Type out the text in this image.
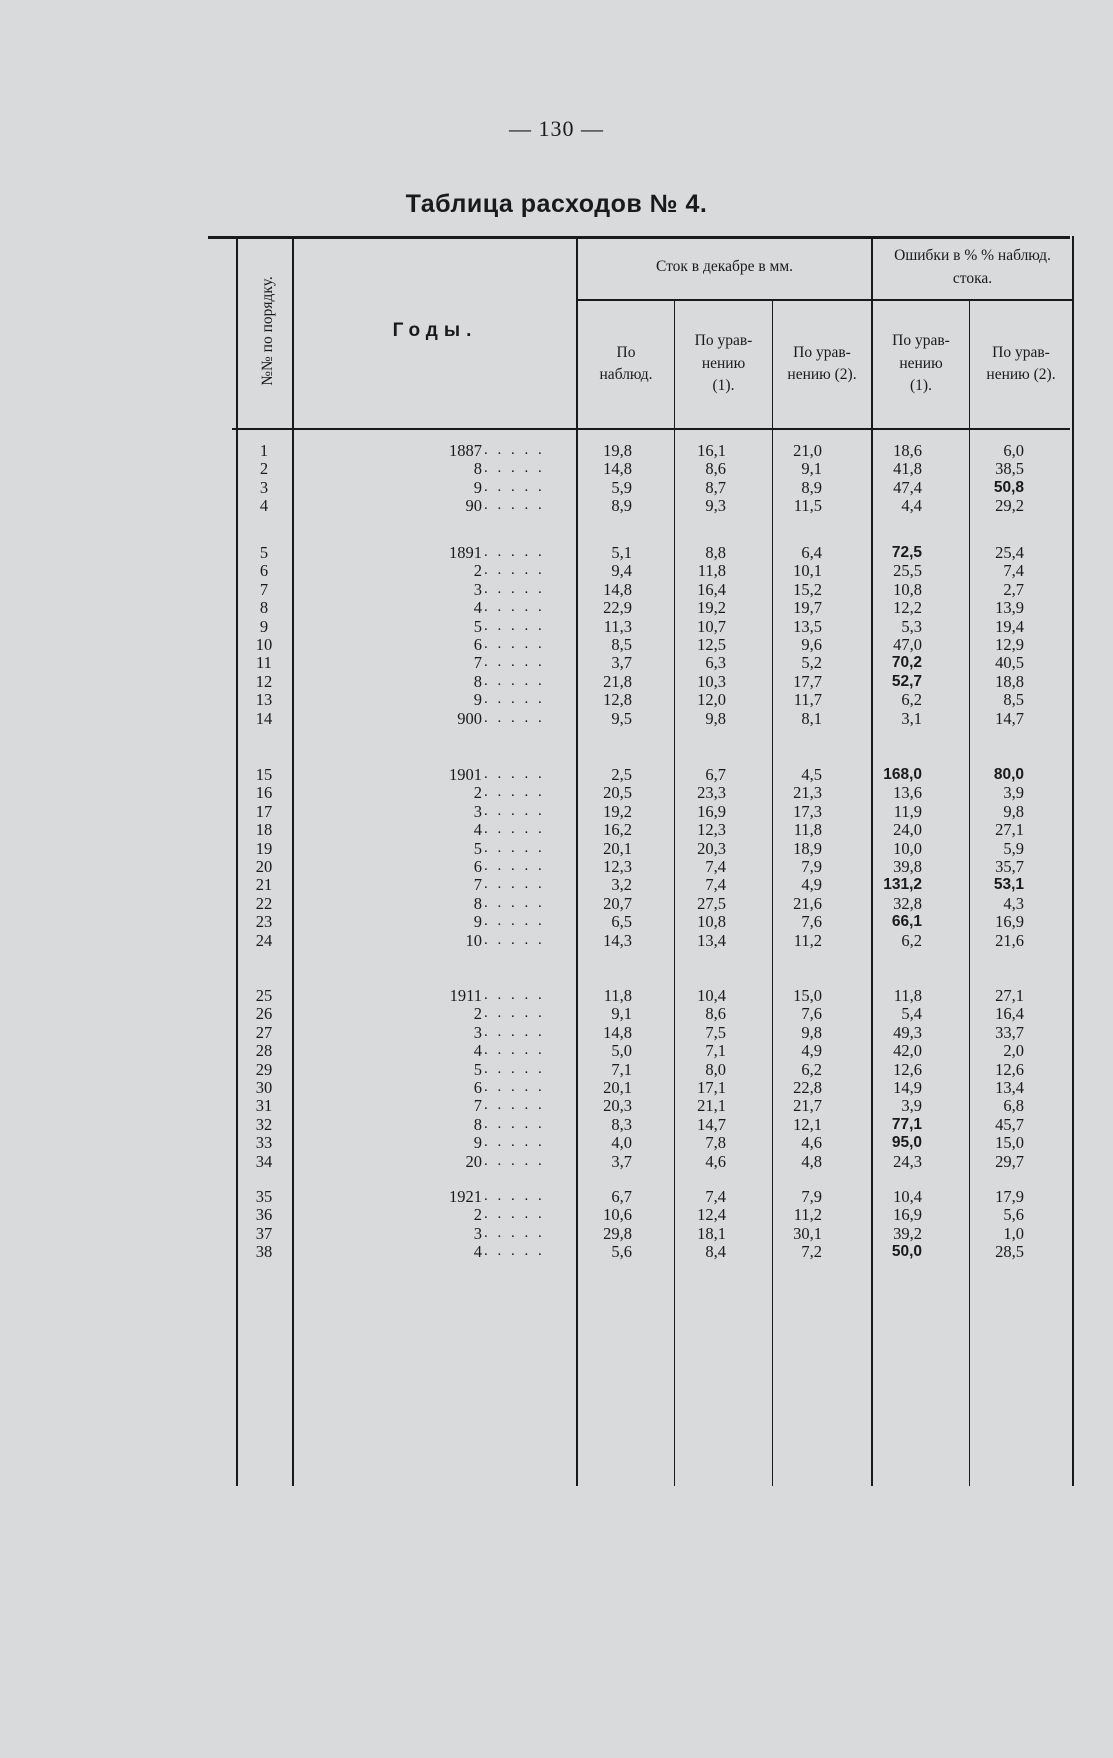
— 130 —
Таблица расходов № 4.
№№ по порядку.	Годы.
Сток в декабре в мм.
Ошибки в % % наблюд. стока.
По наблюд.
По урав-нению (1).
По урав-нению (2).
По урав-нению (1).
По урав-нению (2).
1	1887	19,8	16,1	21,0	18,6	6,0
. . . . .
2	8	14,8	8,6	9,1	41,8	38,5
. . . . .
3	9	5,9	8,7	8,9	47,4	50,8
. . . . .
4	90	8,9	9,3	11,5	4,4	29,2
. . . . .
5	1891	5,1	8,8	6,4	72,5	25,4
. . . . .
6	2	9,4	11,8	10,1	25,5	7,4
. . . . .
7	3	14,8	16,4	15,2	10,8	2,7
. . . . .
8	4	22,9	19,2	19,7	12,2	13,9
. . . . .
9	5	11,3	10,7	13,5	5,3	19,4
. . . . .
10	6	8,5	12,5	9,6	47,0	12,9
. . . . .
11	7	3,7	6,3	5,2	70,2	40,5
. . . . .
12	8	21,8	10,3	17,7	52,7	18,8
. . . . .
13	9	12,8	12,0	11,7	6,2	8,5
. . . . .
14	900	9,5	9,8	8,1	3,1	14,7
. . . . .
15	1901	2,5	6,7	4,5	168,0	80,0
. . . . .
16	2	20,5	23,3	21,3	13,6	3,9
. . . . .
17	3	19,2	16,9	17,3	11,9	9,8
. . . . .
18	4	16,2	12,3	11,8	24,0	27,1
. . . . .
19	5	20,1	20,3	18,9	10,0	5,9
. . . . .
20	6	12,3	7,4	7,9	39,8	35,7
. . . . .
21	7	3,2	7,4	4,9	131,2	53,1
. . . . .
22	8	20,7	27,5	21,6	32,8	4,3
. . . . .
23	9	6,5	10,8	7,6	66,1	16,9
. . . . .
24	10	14,3	13,4	11,2	6,2	21,6
. . . . .
25	1911	11,8	10,4	15,0	11,8	27,1
. . . . .
26	2	9,1	8,6	7,6	5,4	16,4
. . . . .
27	3	14,8	7,5	9,8	49,3	33,7
. . . . .
28	4	5,0	7,1	4,9	42,0	2,0
. . . . .
29	5	7,1	8,0	6,2	12,6	12,6
. . . . .
30	6	20,1	17,1	22,8	14,9	13,4
. . . . .
31	7	20,3	21,1	21,7	3,9	6,8
. . . . .
32	8	8,3	14,7	12,1	77,1	45,7
. . . . .
33	9	4,0	7,8	4,6	95,0	15,0
. . . . .
34	20	3,7	4,6	4,8	24,3	29,7
. . . . .
35	1921	6,7	7,4	7,9	10,4	17,9
. . . . .
36	2	10,6	12,4	11,2	16,9	5,6
. . . . .
37	3	29,8	18,1	30,1	39,2	1,0
. . . . .
38	4	5,6	8,4	7,2	50,0	28,5
. . . . .
